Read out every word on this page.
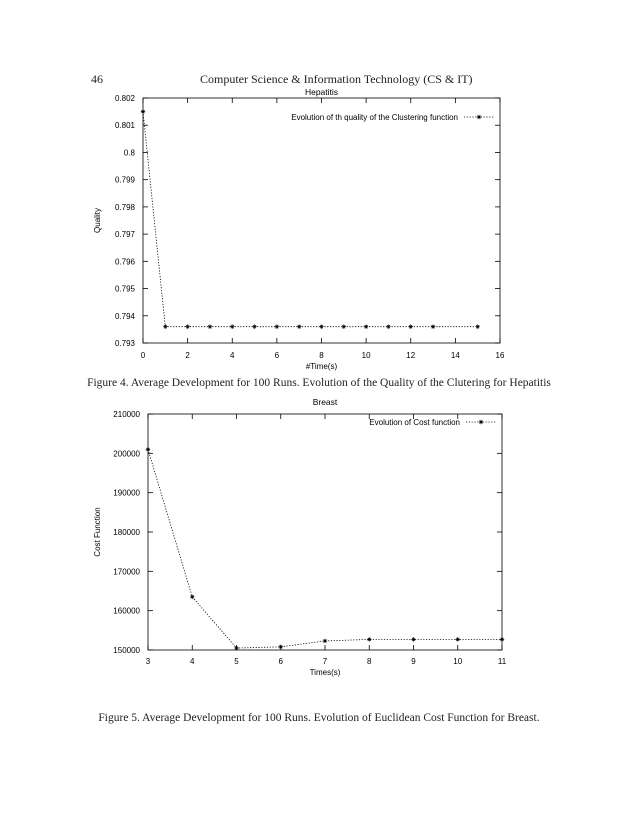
46	Computer Science & Information Technology (CS & IT)
Hepatitis
0	2	4	6	8	10	12	14	16
0.793
0.794
0.795
0.796
0.797
0.798
0.799
0.8
0.801
0.802
#Time(s)
Quality
Evolution of th quality of the Clustering function
Figure 4. Average Development for 100 Runs. Evolution of the Quality of the Clutering for Hepatitis
Breast
3	4	5	6	7	8	9	10	11
150000
160000
170000
180000
190000
200000
210000
Times(s)
Cost Function
Evolution of Cost function
Figure 5. Average Development for 100 Runs. Evolution of Euclidean Cost Function for Breast.
